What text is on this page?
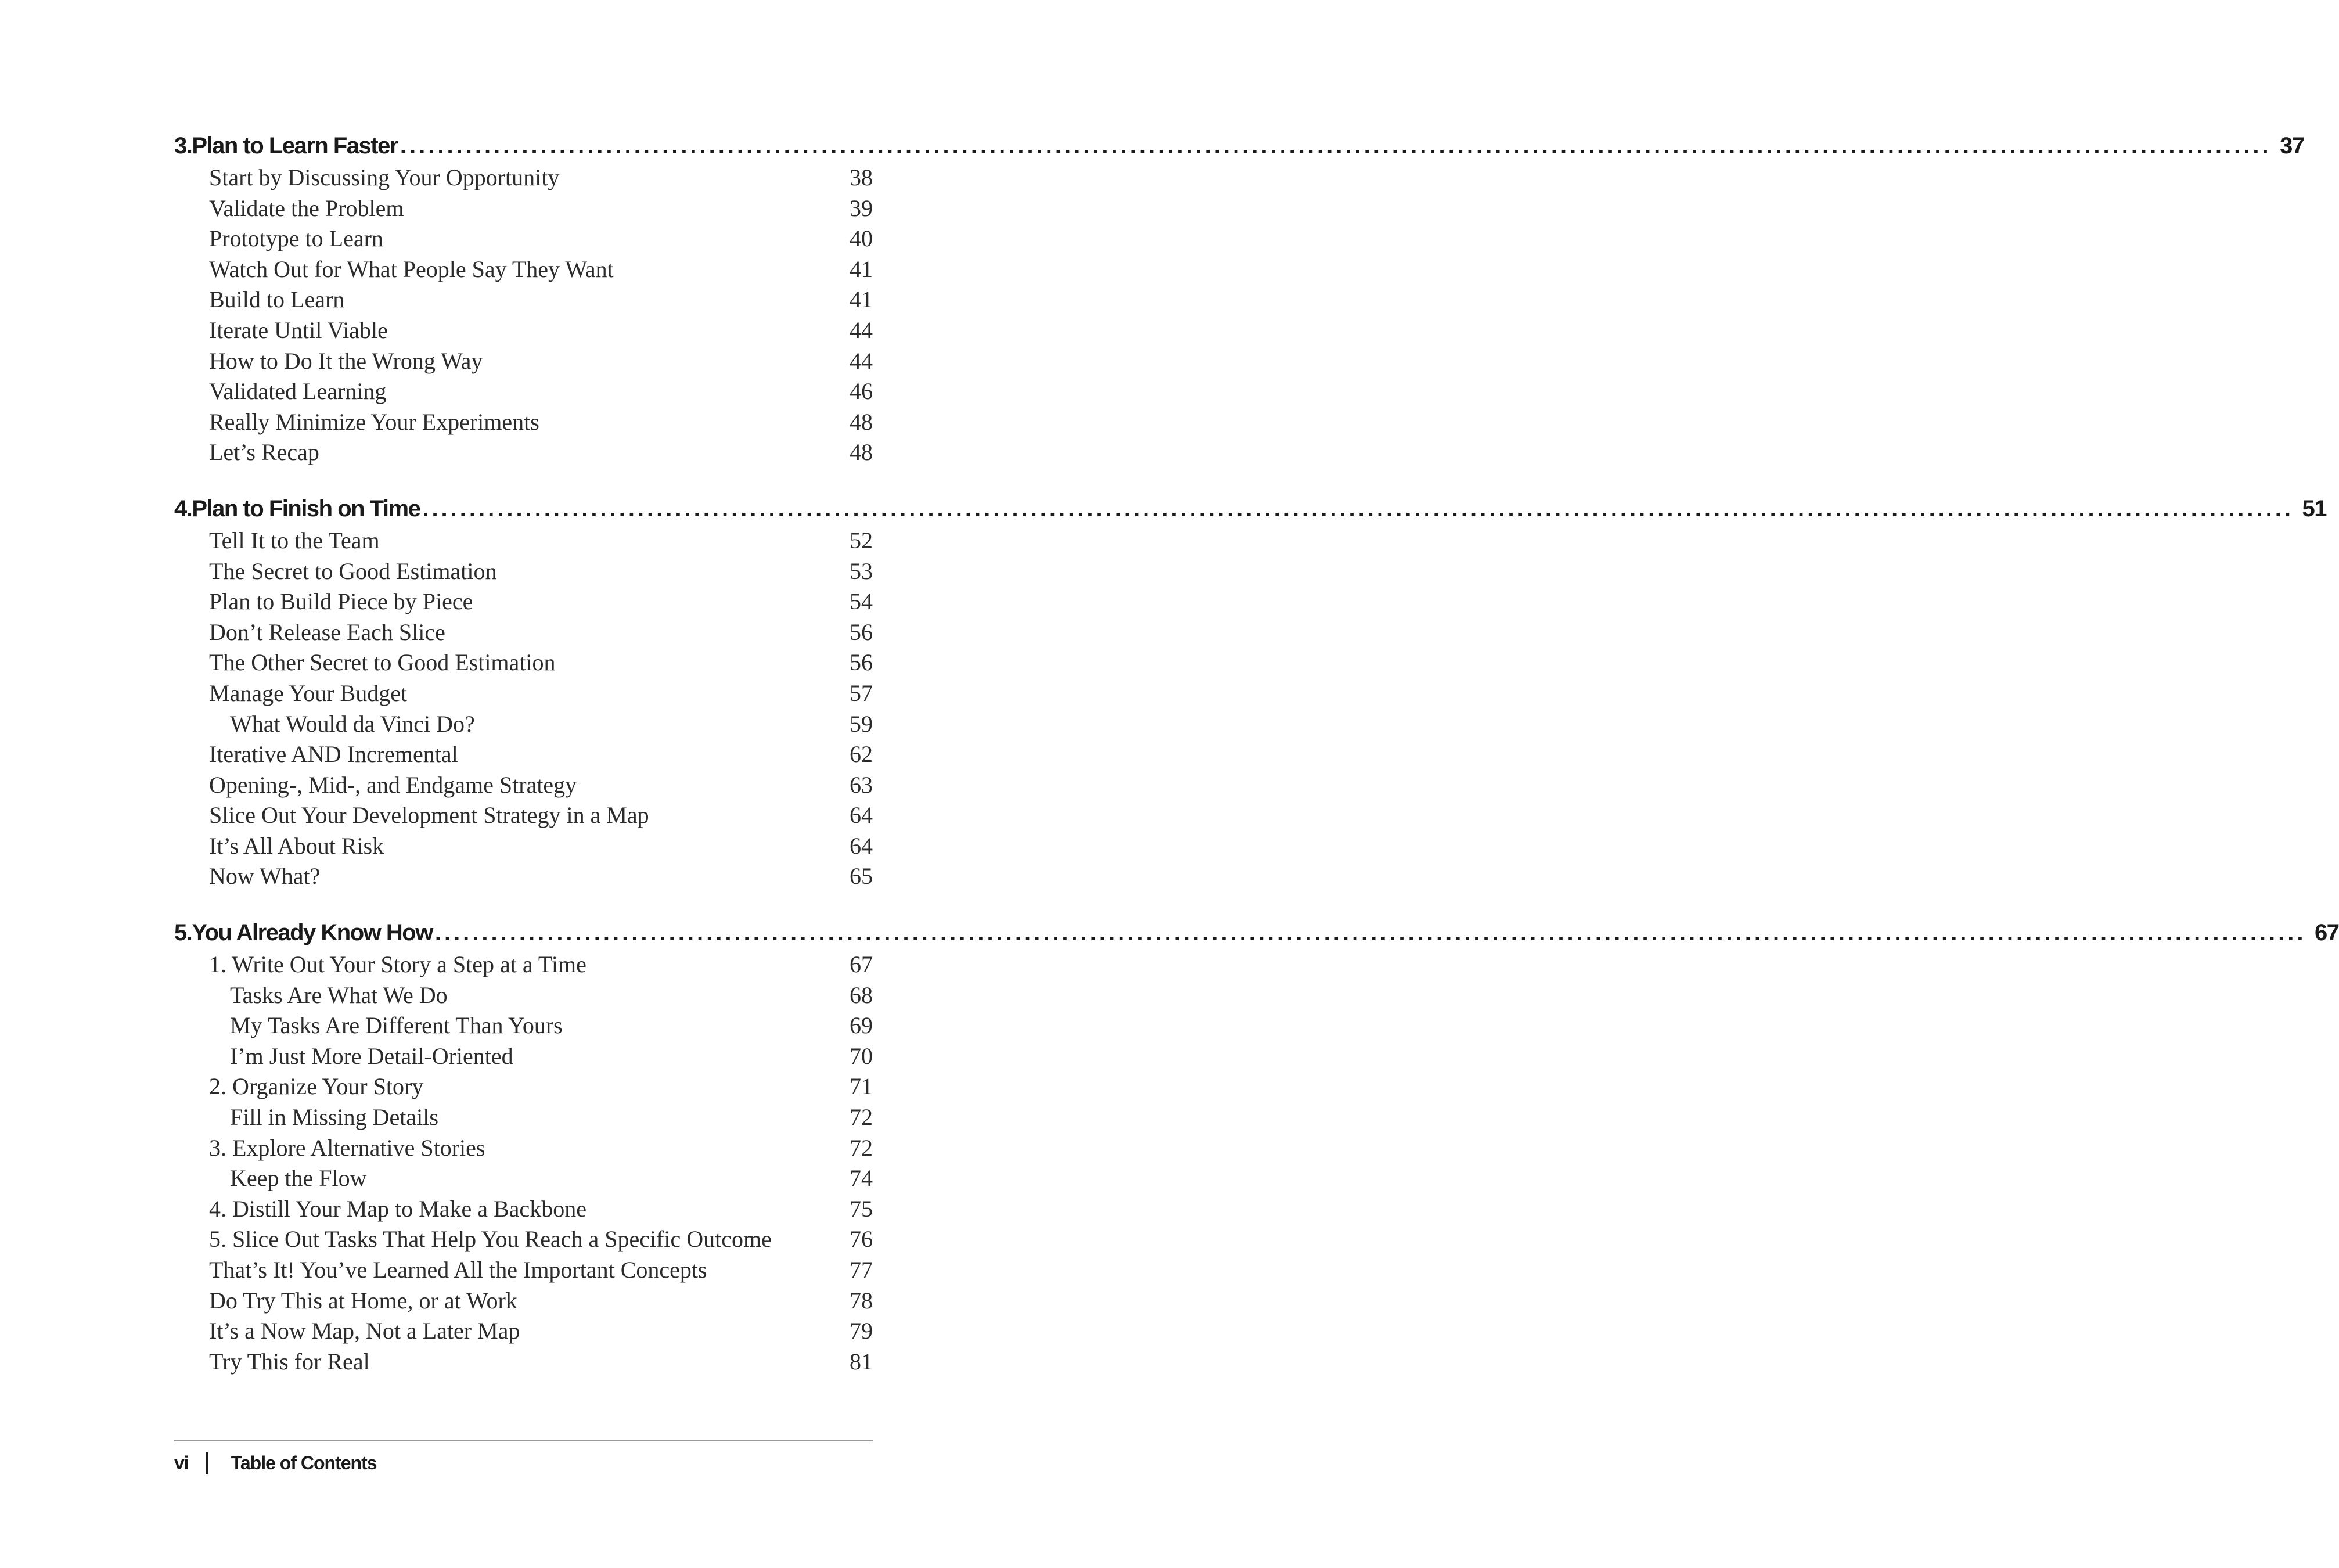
3. Plan to Learn Faster ........................................................................................................................................................................................................ 37
Start by Discussing Your Opportunity	38
Validate the Problem	39
Prototype to Learn	40
Watch Out for What People Say They Want	41
Build to Learn	41
Iterate Until Viable	44
How to Do It the Wrong Way	44
Validated Learning	46
Really Minimize Your Experiments	48
Let’s Recap	48
4. Plan to Finish on Time ........................................................................................................................................................................................................ 51
Tell It to the Team	52
The Secret to Good Estimation	53
Plan to Build Piece by Piece	54
Don’t Release Each Slice	56
The Other Secret to Good Estimation	56
Manage Your Budget	57
What Would da Vinci Do?	59
Iterative AND Incremental	62
Opening-, Mid-, and Endgame Strategy	63
Slice Out Your Development Strategy in a Map	64
It’s All About Risk	64
Now What?	65
5. You Already Know How ........................................................................................................................................................................................................ 67
1. Write Out Your Story a Step at a Time	67
Tasks Are What We Do	68
My Tasks Are Different Than Yours	69
I’m Just More Detail-Oriented	70
2. Organize Your Story	71
Fill in Missing Details	72
3. Explore Alternative Stories	72
Keep the Flow	74
4. Distill Your Map to Make a Backbone	75
5. Slice Out Tasks That Help You Reach a Specific Outcome	76
That’s It! You’ve Learned All the Important Concepts	77
Do Try This at Home, or at Work	78
It’s a Now Map, Not a Later Map	79
Try This for Real	81
vi Table of Contents
